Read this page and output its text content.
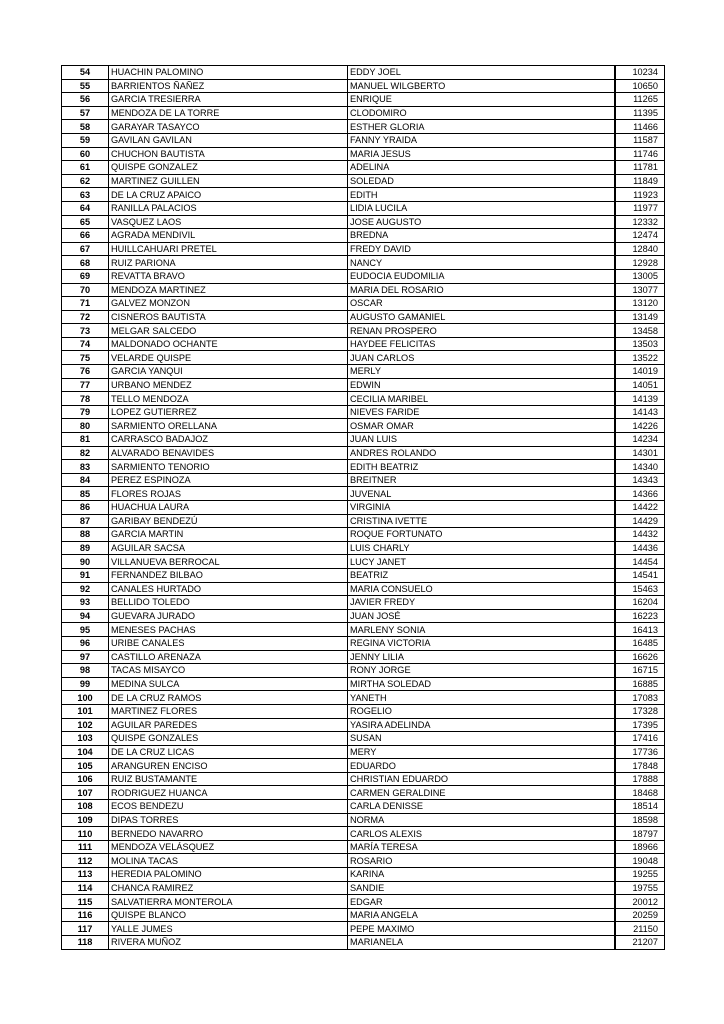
54	HUACHIN PALOMINO	EDDY JOEL		10234
55	BARRIENTOS ÑAÑEZ	MANUEL WILGBERTO		10650
56	GARCIA TRESIERRA	ENRIQUE		11265
57	MENDOZA DE LA TORRE	CLODOMIRO		11395
58	GARAYAR TASAYCO	ESTHER GLORIA		11466
59	GAVILAN GAVILAN	FANNY YRAIDA		11587
60	CHUCHON BAUTISTA	MARIA JESUS		11746
61	QUISPE GONZALEZ	ADELINA		11781
62	MARTINEZ GUILLEN	SOLEDAD		11849
63	DE LA CRUZ APAICO	EDITH		11923
64	RANILLA PALACIOS	LIDIA LUCILA		11977
65	VASQUEZ LAOS	JOSE AUGUSTO		12332
66	AGRADA MENDIVIL	BREDNA		12474
67	HUILLCAHUARI PRETEL	FREDY DAVID		12840
68	RUIZ PARIONA	NANCY		12928
69	REVATTA BRAVO	EUDOCIA EUDOMILIA		13005
70	MENDOZA MARTINEZ	MARIA DEL ROSARIO		13077
71	GALVEZ MONZON	OSCAR		13120
72	CISNEROS BAUTISTA	AUGUSTO GAMANIEL		13149
73	MELGAR SALCEDO	RENAN PROSPERO		13458
74	MALDONADO OCHANTE	HAYDEE FELICITAS		13503
75	VELARDE QUISPE	JUAN CARLOS		13522
76	GARCIA YANQUI	MERLY		14019
77	URBANO MENDEZ	EDWIN		14051
78	TELLO MENDOZA	CECILIA MARIBEL		14139
79	LOPEZ GUTIERREZ	NIEVES FARIDE		14143
80	SARMIENTO ORELLANA	OSMAR OMAR		14226
81	CARRASCO BADAJOZ	JUAN LUIS		14234
82	ALVARADO BENAVIDES	ANDRES ROLANDO		14301
83	SARMIENTO TENORIO	EDITH BEATRIZ		14340
84	PEREZ ESPINOZA	BREITNER		14343
85	FLORES ROJAS	JUVENAL		14366
86	HUACHUA LAURA	VIRGINIA		14422
87	GARIBAY BENDEZÚ	CRISTINA IVETTE		14429
88	GARCIA MARTIN	ROQUE FORTUNATO		14432
89	AGUILAR SACSA	LUIS CHARLY		14436
90	VILLANUEVA BERROCAL	LUCY JANET		14454
91	FERNANDEZ BILBAO	BEATRIZ		14541
92	CANALES HURTADO	MARIA CONSUELO		15463
93	BELLIDO TOLEDO	JAVIER FREDY		16204
94	GUEVARA JURADO	JUAN JOSÉ		16223
95	MENESES PACHAS	MARLENY SONIA		16413
96	URIBE CANALES	REGINA VICTORIA		16485
97	CASTILLO ARENAZA	JENNY LILIA		16626
98	TACAS MISAYCO	RONY JORGE		16715
99	MEDINA SULCA	MIRTHA SOLEDAD		16885
100	DE LA CRUZ RAMOS	YANETH		17083
101	MARTINEZ FLORES	ROGELIO		17328
102	AGUILAR PAREDES	YASIRA ADELINDA		17395
103	QUISPE GONZALES	SUSAN		17416
104	DE LA CRUZ LICAS	MERY		17736
105	ARANGUREN ENCISO	EDUARDO		17848
106	RUIZ BUSTAMANTE	CHRISTIAN EDUARDO		17888
107	RODRIGUEZ HUANCA	CARMEN GERALDINE		18468
108	ECOS BENDEZU	CARLA DENISSE		18514
109	DIPAS TORRES	NORMA		18598
110	BERNEDO NAVARRO	CARLOS ALEXIS		18797
111	MENDOZA VELÁSQUEZ	MARÍA TERESA		18966
112	MOLINA TACAS	ROSARIO		19048
113	HEREDIA PALOMINO	KARINA		19255
114	CHANCA RAMIREZ	SANDIE		19755
115	SALVATIERRA MONTEROLA	EDGAR		20012
116	QUISPE BLANCO	MARIA ANGELA		20259
117	YALLE JUMES	PEPE MAXIMO		21150
118	RIVERA MUÑOZ	MARIANELA		21207
